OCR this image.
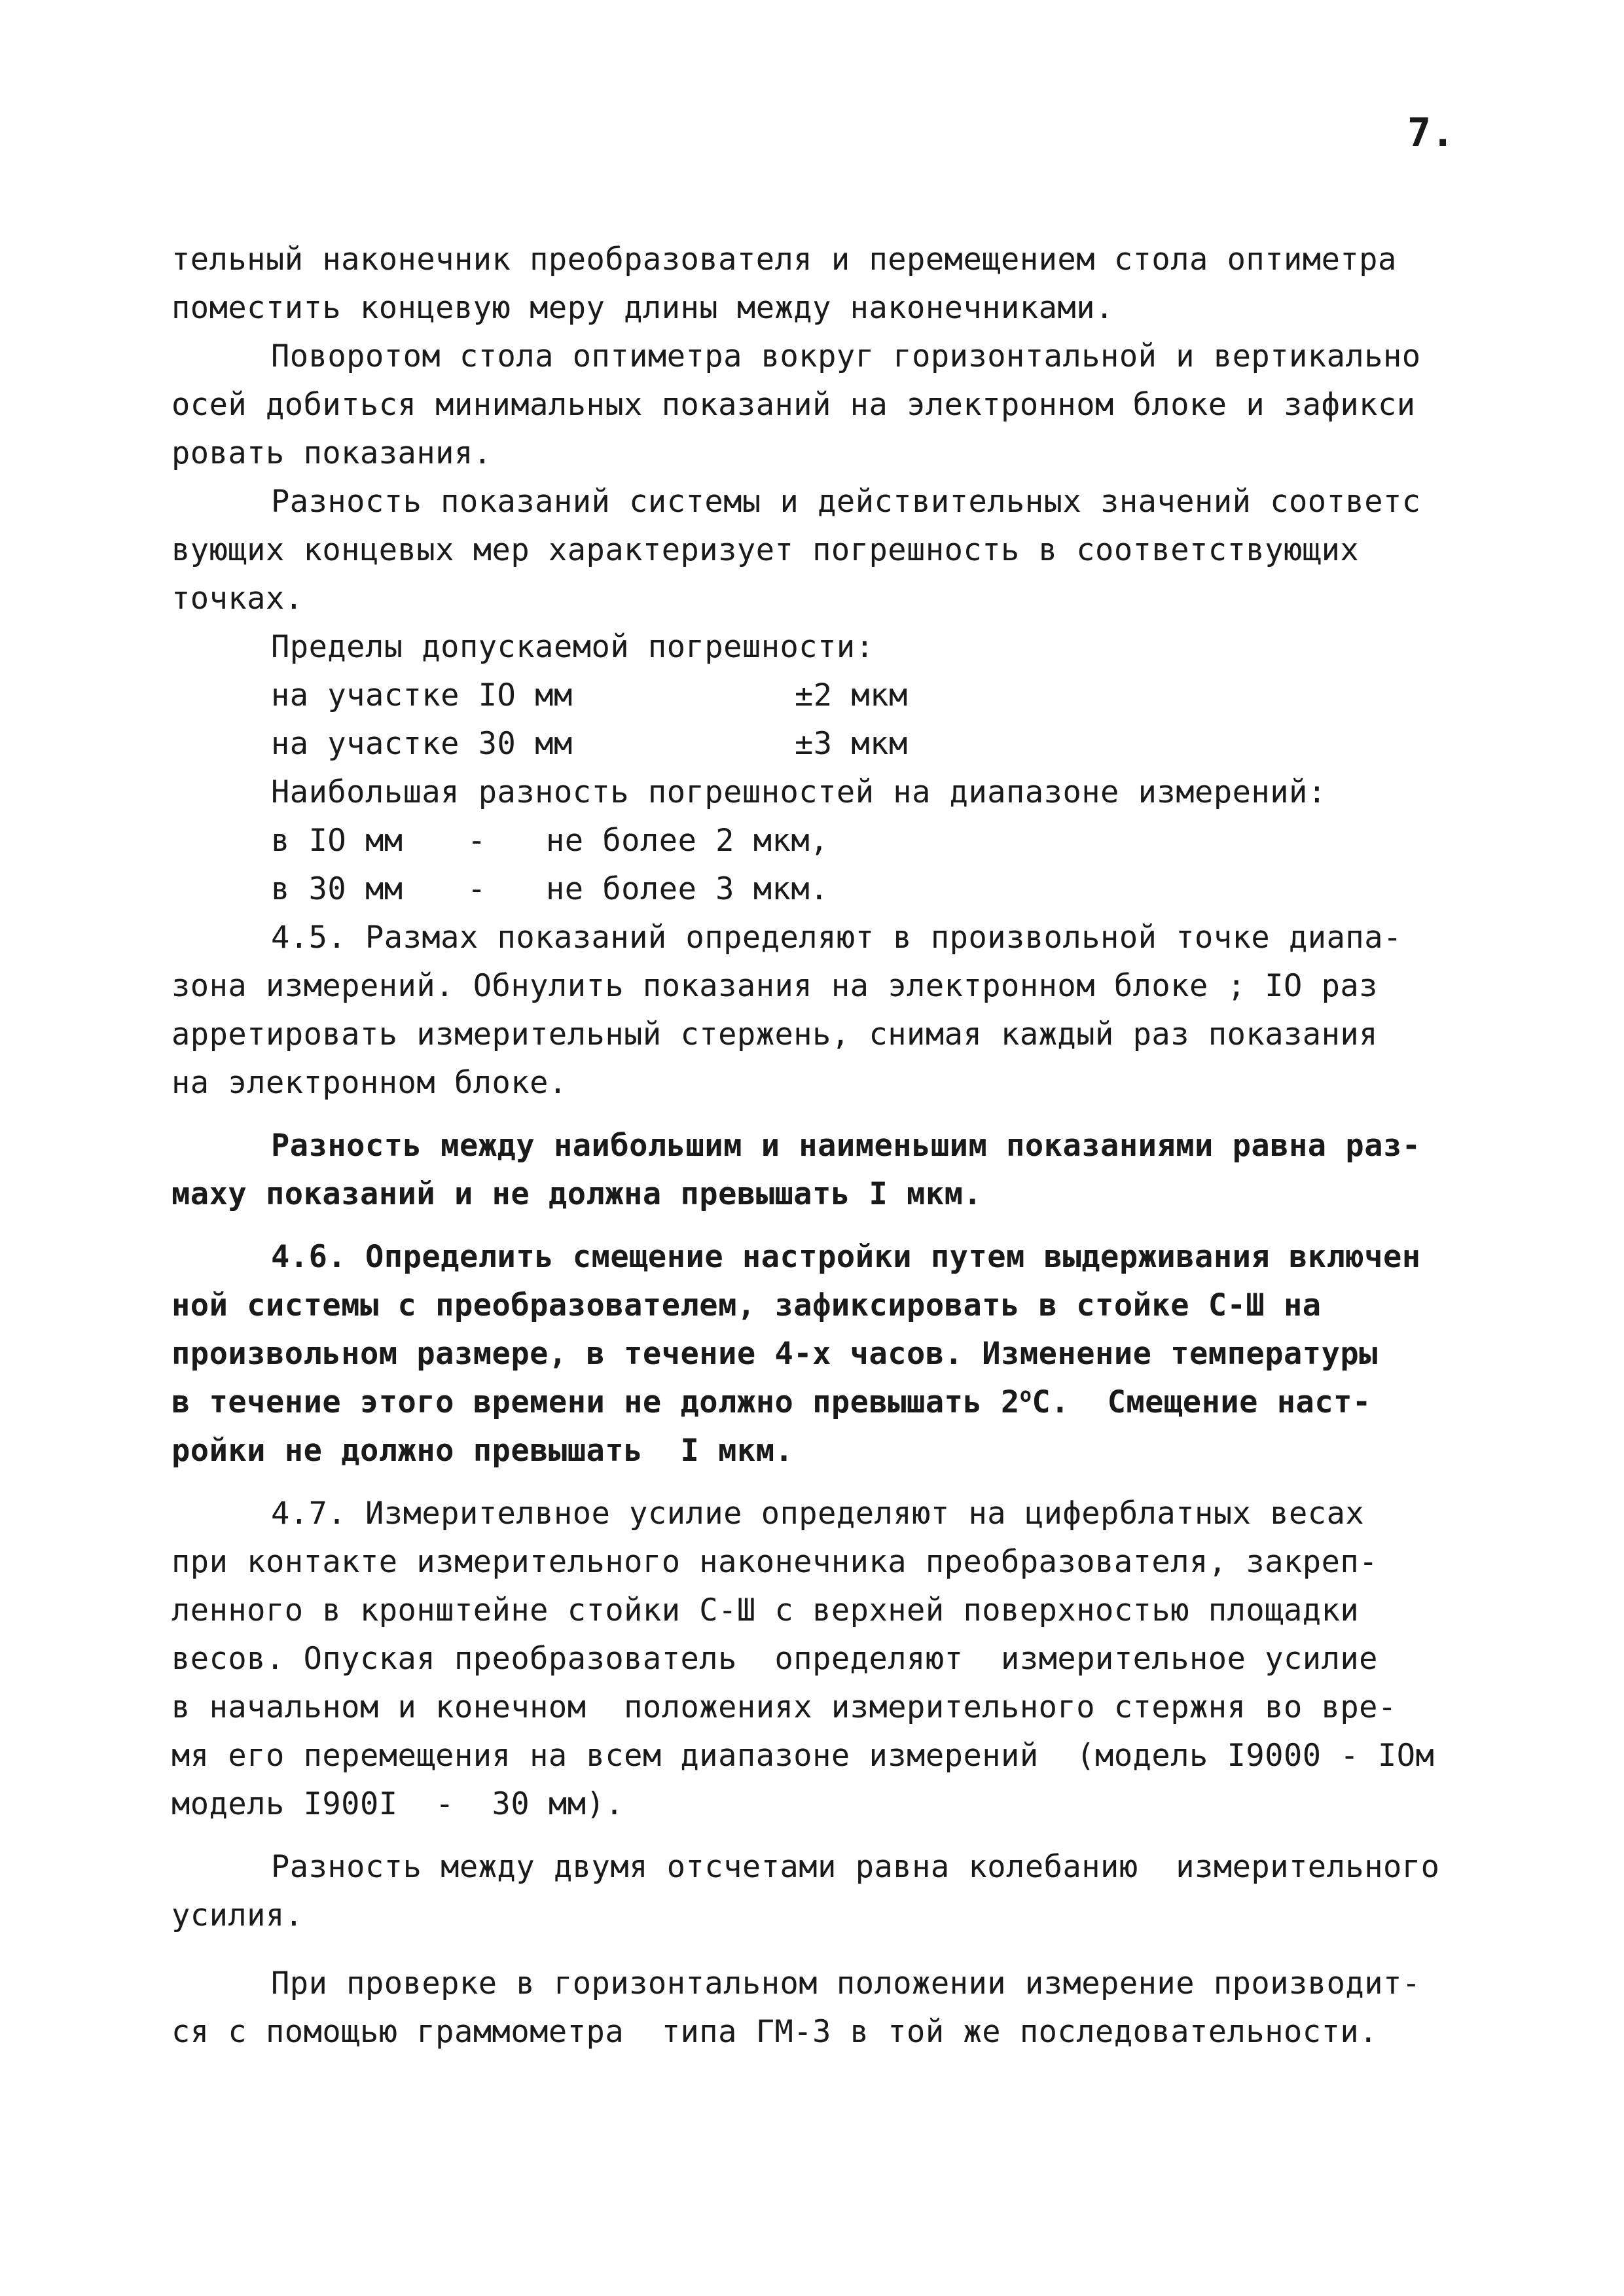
7.
тельный наконечник преобразователя и перемещением стола оптиметра
поместить концевую меру длины между наконечниками.
Поворотом стола оптиметра вокруг горизонтальной и вертикально
осей добиться минимальных показаний на электронном блоке и зафикси
ровать показания.
Разность показаний системы и действительных значений соответс
вующих концевых мер характеризует погрешность в соответствующих
точках.
Пределы допускаемой погрешности:
на участке IO мм	±2 мкм
на участке 30 мм	±3 мкм
Наибольшая разность погрешностей на диапазоне измерений:
в IO мм	-	не более 2 мкм,
в 30 мм	-	не более 3 мкм.
4.5. Размах показаний определяют в произвольной точке диапа-
зона измерений. Обнулить показания на электронном блоке ; IO раз
арретировать измерительный стержень, снимая каждый раз показания
на электронном блоке.
Разность между наибольшим и наименьшим показаниями равна раз-
маху показаний и не должна превышать I мкм.
4.6. Определить смещение настройки путем выдерживания включен
ной системы с преобразователем, зафиксировать в стойке С-Ш на
произвольном размере, в течение 4-х часов. Изменение температуры
в течение этого времени не должно превышать $2^оС$.  Смещение наст-
ройки не должно превышать  I мкм.
4.7. Измерителвное усилие определяют на циферблатных весах
при контакте измерительного наконечника преобразователя, закреп-
ленного в кронштейне стойки С-Ш с верхней поверхностью площадки
весов. Опуская преобразователь  определяют  измерительное усилие
в начальном и конечном  положениях измерительного стержня во вре-
мя его перемещения на всем диапазоне измерений  (модель I9000 - IOм
модель I900I  -  30 мм).
Разность между двумя отсчетами равна колебанию  измерительного
усилия.
При проверке в горизонтальном положении измерение производит-
ся с помощью граммометра  типа ГМ-3 в той же последовательности.
